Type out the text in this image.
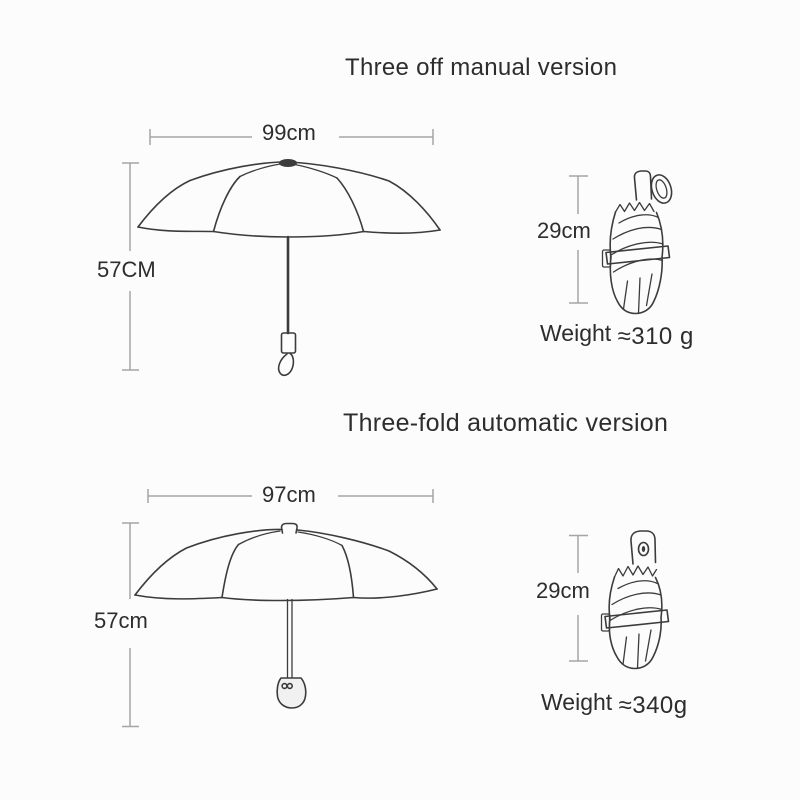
Three off manual version
99cm
57CM
29cm
Weight ≈310 g
Three-fold automatic version
97cm
57cm
29cm
Weight ≈340g
